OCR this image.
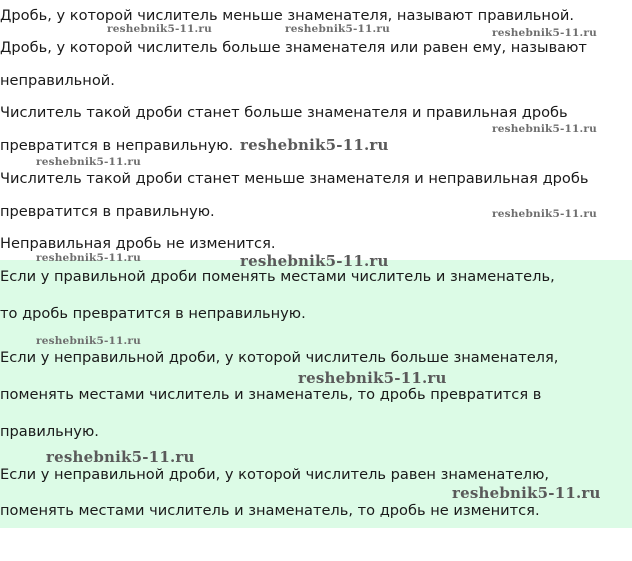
Дробь, у которой числитель меньше знаменателя, называют правильной.
Дробь, у которой числитель больше знаменателя или равен ему, называют
неправильной.
Числитель такой дроби станет больше знаменателя и правильная дробь
превратится в неправильную.
Числитель такой дроби станет меньше знаменателя и неправильная дробь
превратится в правильную.
Неправильная дробь не изменится.
Если у правильной дроби поменять местами числитель и знаменатель,
то дробь превратится в неправильную.
Если у неправильной дроби, у которой числитель больше знаменателя,
поменять местами числитель и знаменатель, то дробь превратится в
правильную.
Если у неправильной дроби, у которой числитель равен знаменателю,
поменять местами числитель и знаменатель, то дробь не изменится.
reshebnik5-11.ru	reshebnik5-11.ru	reshebnik5-11.ru
reshebnik5-11.ru
reshebnik5-11.ru
reshebnik5-11.ru
reshebnik5-11.ru
reshebnik5-11.ru	reshebnik5-11.ru
reshebnik5-11.ru
reshebnik5-11.ru
reshebnik5-11.ru
reshebnik5-11.ru
